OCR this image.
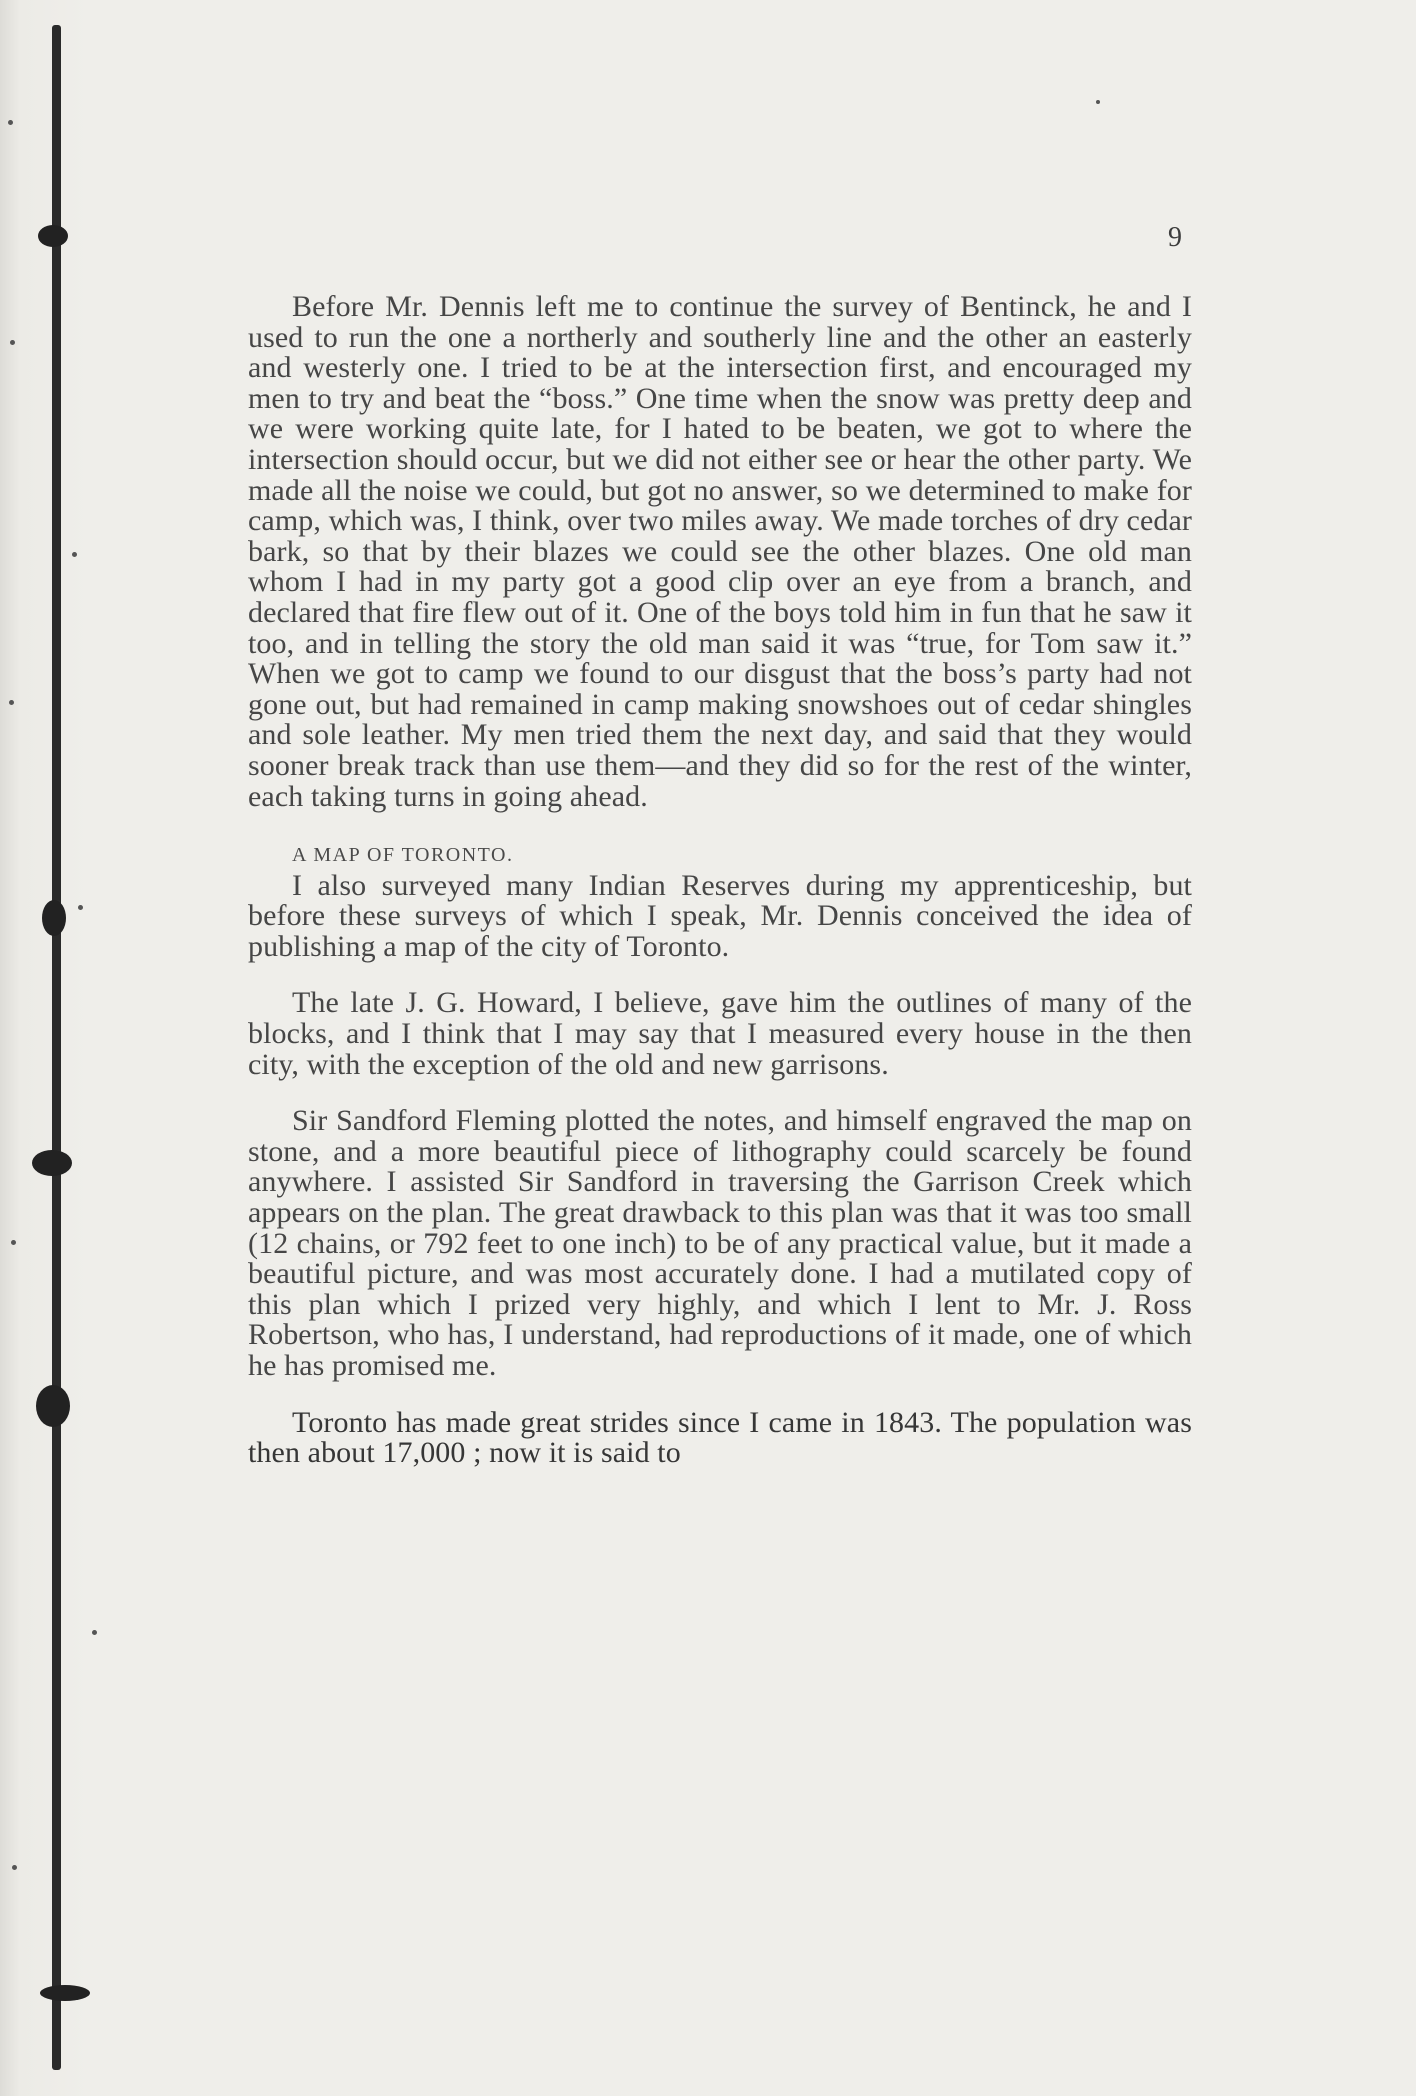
9

Before Mr. Dennis left me to continue the survey of Bentinck, he and I used to run the one a northerly and southerly line and the other an easterly and westerly one. I tried to be at the intersection first, and encouraged my men to try and beat the “boss.” One time when the snow was pretty deep and we were working quite late, for I hated to be beaten, we got to where the intersection should occur, but we did not either see or hear the other party. We made all the noise we could, but got no answer, so we determined to make for camp, which was, I think, over two miles away. We made torches of dry cedar bark, so that by their blazes we could see the other blazes. One old man whom I had in my party got a good clip over an eye from a branch, and declared that fire flew out of it. One of the boys told him in fun that he saw it too, and in telling the story the old man said it was “true, for Tom saw it.” When we got to camp we found to our disgust that the boss’s party had not gone out, but had remained in camp making snowshoes out of cedar shingles and sole leather. My men tried them the next day, and said that they would sooner break track than use them—and they did so for the rest of the winter, each taking turns in going ahead.

A MAP OF TORONTO.

I also surveyed many Indian Reserves during my apprenticeship, but before these surveys of which I speak, Mr. Dennis conceived the idea of publishing a map of the city of Toronto.

The late J. G. Howard, I believe, gave him the outlines of many of the blocks, and I think that I may say that I measured every house in the then city, with the exception of the old and new garrisons.

Sir Sandford Fleming plotted the notes, and himself engraved the map on stone, and a more beautiful piece of lithography could scarcely be found anywhere. I assisted Sir Sandford in traversing the Garrison Creek which appears on the plan. The great drawback to this plan was that it was too small (12 chains, or 792 feet to one inch) to be of any practical value, but it made a beautiful picture, and was most accurately done. I had a mutilated copy of this plan which I prized very highly, and which I lent to Mr. J. Ross Robertson, who has, I understand, had reproductions of it made, one of which he has promised me.

Toronto has made great strides since I came in 1843. The population was then about 17,000 ; now it is said to
